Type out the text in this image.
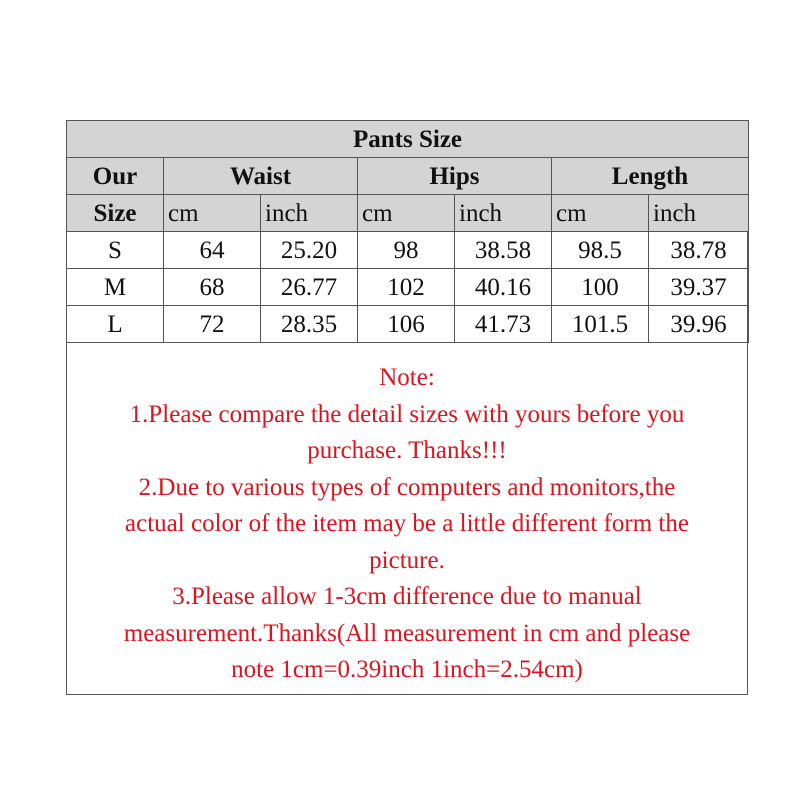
Pants Size						
Our	Waist		Hips		Length	
Size	cm	inch	cm	inch	cm	inch
S	64	25.20	98	38.58	98.5	38.78
M	68	26.77	102	40.16	100	39.37
L	72	28.35	106	41.73	101.5	39.96
Note:
1.Please compare the detail sizes with yours before you
purchase. Thanks!!!
2.Due to various types of computers and monitors,the
actual color of the item may be a little different form the
picture.
3.Please allow 1-3cm difference due to manual
measurement.Thanks(All measurement in cm and please
note 1cm=0.39inch 1inch=2.54cm)
